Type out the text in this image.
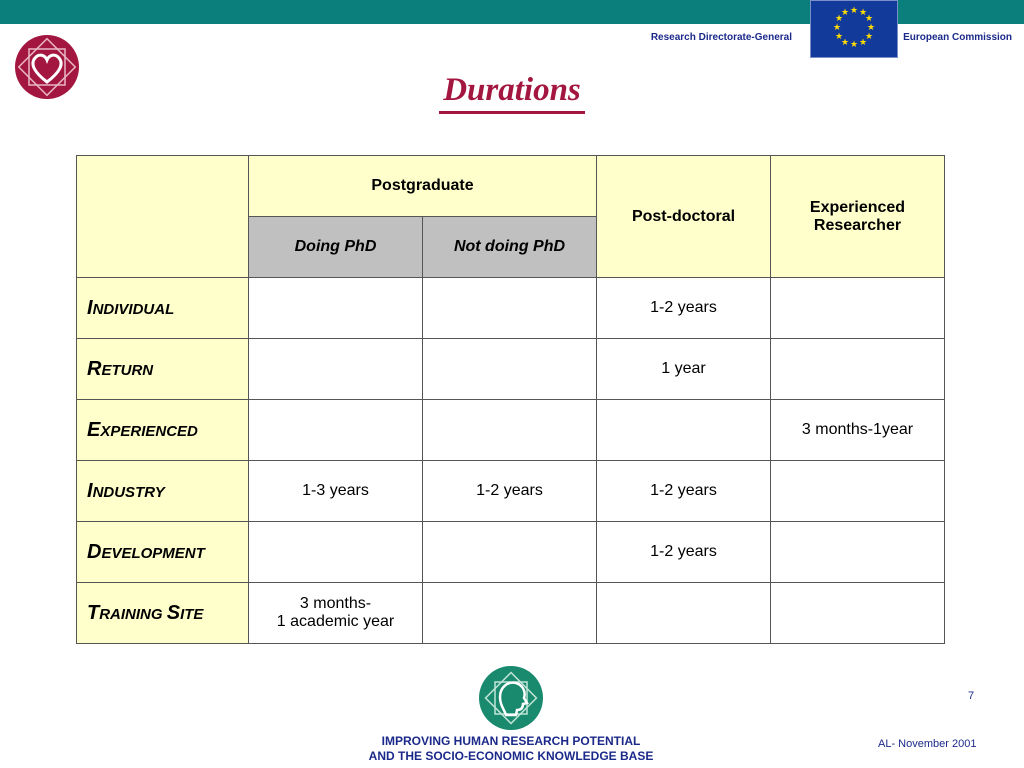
Research Directorate-General
★ ★
★
★
★
★
★
★
★
★
★
★
European Commission
Durations
	Postgraduate		Post-doctoral	Experienced
Researcher
	Doing PhD	Not doing PhD		
INDIVIDUAL			1-2 years	
RETURN			1 year	
EXPERIENCED				3 months-1year
INDUSTRY	1-3 years	1-2 years	1-2 years	
DEVELOPMENT			1-2 years	
TRAINING SITE	3 months-
1 academic year			
7
IMPROVING HUMAN RESEARCH POTENTIAL
AND THE SOCIO-ECONOMIC KNOWLEDGE BASE
AL- November 2001
